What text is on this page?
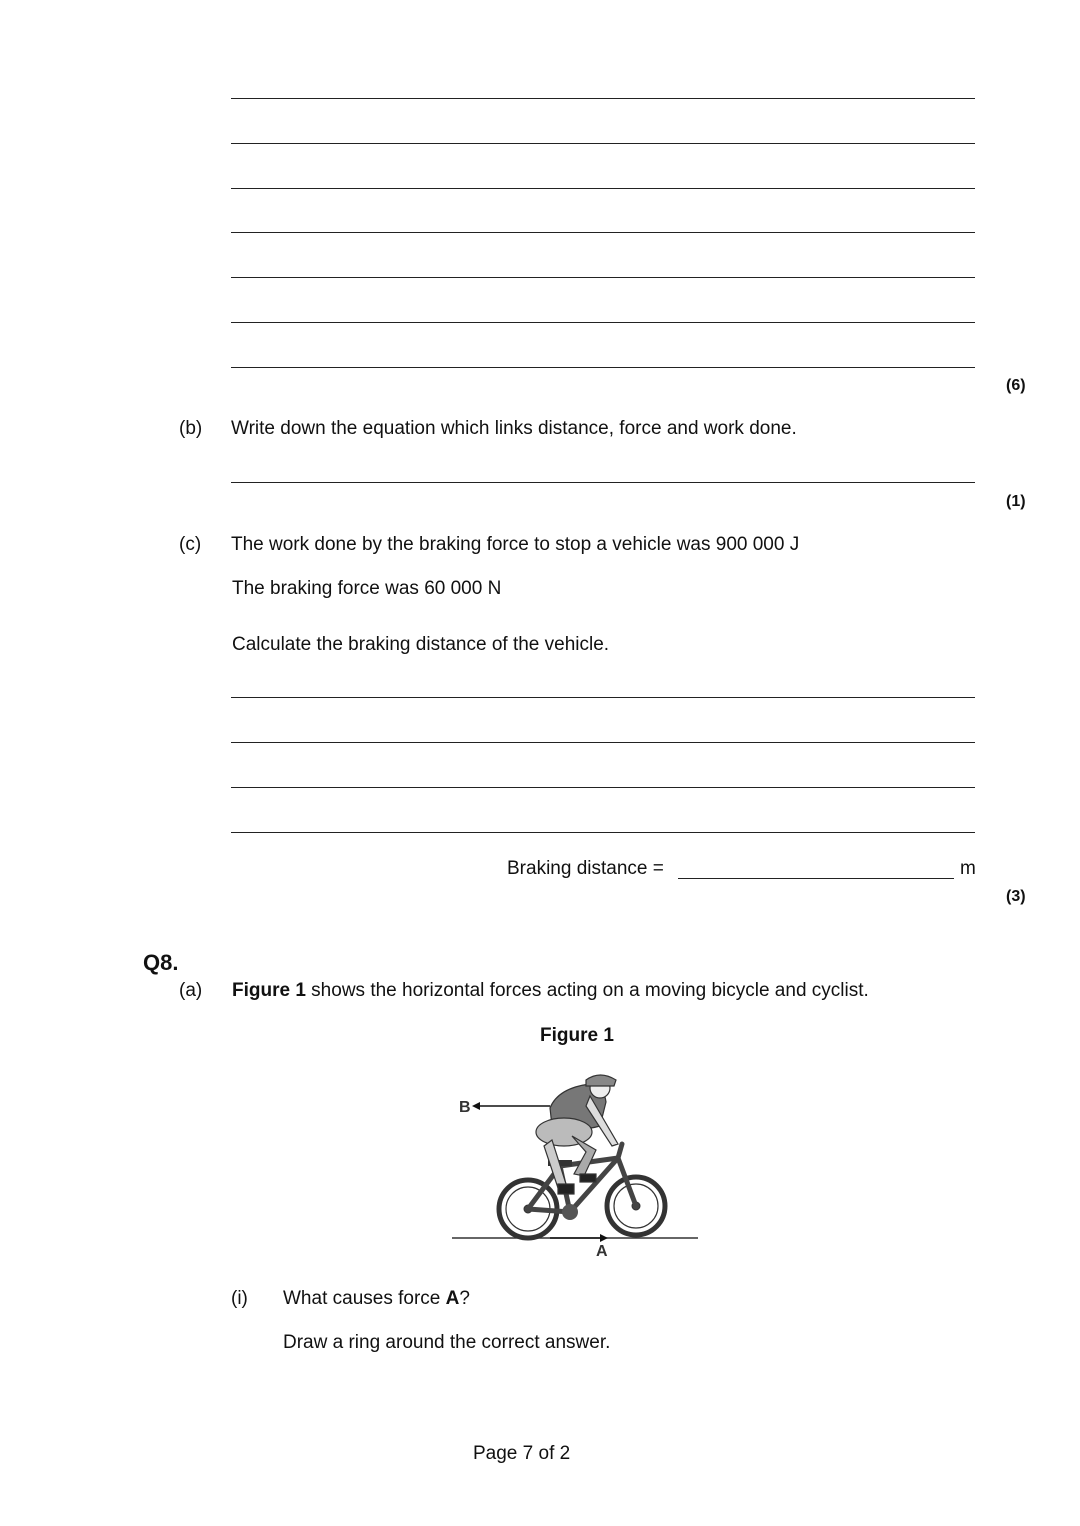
(6)
(b) Write down the equation which links distance, force and work done.
(1)
(c) The work done by the braking force to stop a vehicle was 900 000 J
The braking force was 60 000 N
Calculate the braking distance of the vehicle.
Braking distance =	m
(3)
Q8.
(a) Figure 1 shows the horizontal forces acting on a moving bicycle and cyclist.
Figure 1
B
A
(i) What causes force A?
Draw a ring around the correct answer.
Page 7 of 2
